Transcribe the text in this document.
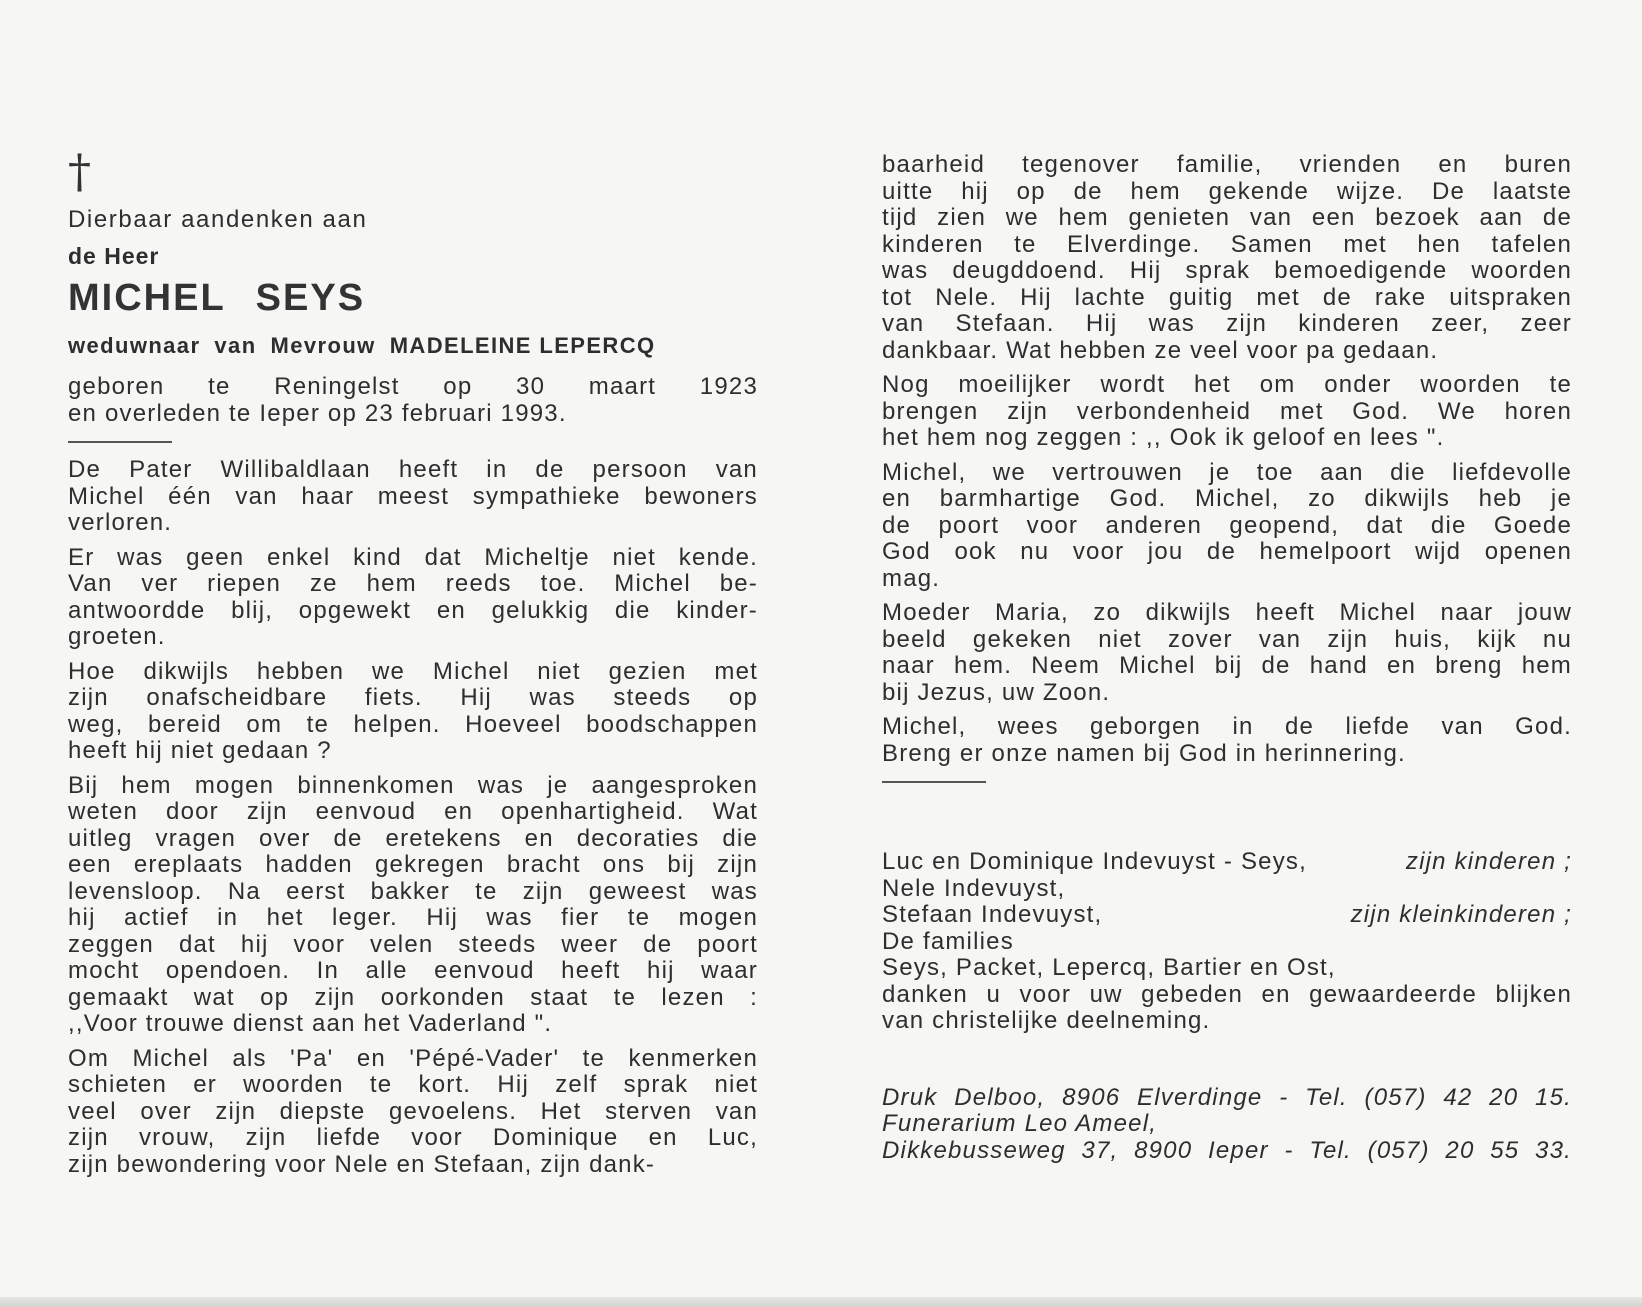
†
Dierbaar aandenken aan
de Heer
MICHEL SEYS
weduwnaar van Mevrouw MADELEINE LEPERCQ

geboren te Reningelst op 30 maart 1923

en overleden te Ieper op 23 februari 1993.

De Pater Willibaldlaan heeft in de persoon van

Michel één van haar meest sympathieke bewoners

verloren.

Er was geen enkel kind dat Micheltje niet kende.

Van ver riepen ze hem reeds toe. Michel be-

antwoordde blij, opgewekt en gelukkig die kinder-

groeten.

Hoe dikwijls hebben we Michel niet gezien met

zijn onafscheidbare fiets. Hij was steeds op

weg, bereid om te helpen. Hoeveel boodschappen

heeft hij niet gedaan ?

Bij hem mogen binnenkomen was je aangesproken

weten door zijn eenvoud en openhartigheid. Wat

uitleg vragen over de eretekens en decoraties die

een ereplaats hadden gekregen bracht ons bij zijn

levensloop. Na eerst bakker te zijn geweest was

hij actief in het leger. Hij was fier te mogen

zeggen dat hij voor velen steeds weer de poort

mocht opendoen. In alle eenvoud heeft hij waar

gemaakt wat op zijn oorkonden staat te lezen :

,,Voor trouwe dienst aan het Vaderland ".

Om Michel als 'Pa' en 'Pépé-Vader' te kenmerken

schieten er woorden te kort. Hij zelf sprak niet

veel over zijn diepste gevoelens. Het sterven van

zijn vrouw, zijn liefde voor Dominique en Luc,

zijn bewondering voor Nele en Stefaan, zijn dank-

baarheid tegenover familie, vrienden en buren

uitte hij op de hem gekende wijze. De laatste

tijd zien we hem genieten van een bezoek aan de

kinderen te Elverdinge. Samen met hen tafelen

was deugddoend. Hij sprak bemoedigende woorden

tot Nele. Hij lachte guitig met de rake uitspraken

van Stefaan. Hij was zijn kinderen zeer, zeer

dankbaar. Wat hebben ze veel voor pa gedaan.

Nog moeilijker wordt het om onder woorden te

brengen zijn verbondenheid met God. We horen

het hem nog zeggen : ,, Ook ik geloof en lees ".

Michel, we vertrouwen je toe aan die liefdevolle

en barmhartige God. Michel, zo dikwijls heb je

de poort voor anderen geopend, dat die Goede

God ook nu voor jou de hemelpoort wijd openen

mag.

Moeder Maria, zo dikwijls heeft Michel naar jouw

beeld gekeken niet zover van zijn huis, kijk nu

naar hem. Neem Michel bij de hand en breng hem

bij Jezus, uw Zoon.

Michel, wees geborgen in de liefde van God.

Breng er onze namen bij God in herinnering.

Luc en Dominique Indevuyst - Seys,	zijn kinderen ;

Nele Indevuyst,

Stefaan Indevuyst,	zijn kleinkinderen ;

De families

Seys, Packet, Lepercq, Bartier en Ost,

danken u voor uw gebeden en gewaardeerde blijken

van christelijke deelneming.

Druk Delboo, 8906 Elverdinge - Tel. (057) 42 20 15.

Funerarium Leo Ameel,

Dikkebusseweg 37, 8900 Ieper - Tel. (057) 20 55 33.
